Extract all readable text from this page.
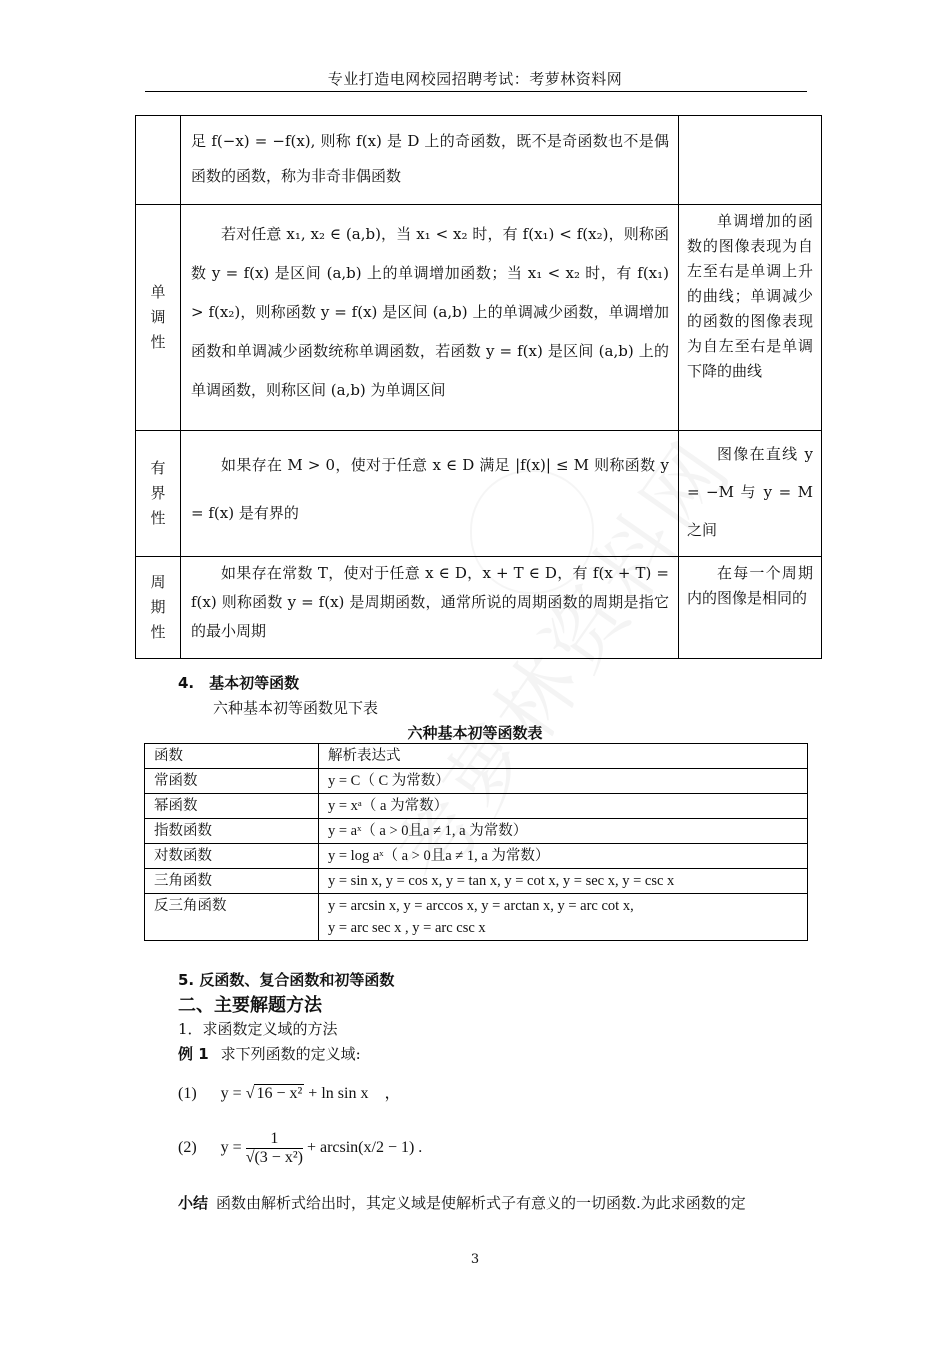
专业打造电网校园招聘考试：考萝林资料网

	足 f(−x) = −f(x), 则称 f(x) 是 D 上的奇函数，既不是奇函数也不是偶函数的函数，称为非奇非偶函数	

单调性	若对任意 x₁, x₂ ∈ (a,b)，当 x₁ < x₂ 时，有 f(x₁) < f(x₂)，则称函数 y = f(x) 是区间 (a,b) 上的单调增加函数；当 x₁ < x₂ 时，有 f(x₁) > f(x₂)，则称函数 y = f(x) 是区间 (a,b) 上的单调减少函数，单调增加函数和单调减少函数统称单调函数，若函数 y = f(x) 是区间 (a,b) 上的单调函数，则称区间 (a,b) 为单调区间	单调增加的函数的图像表现为自左至右是单调上升的曲线；单调减少的函数的图像表现为自左至右是单调下降的曲线

有界性	如果存在 M > 0，使对于任意 x ∈ D 满足 |f(x)| ≤ M 则称函数 y = f(x) 是有界的	图像在直线 y = −M 与 y = M 之间

周期性	如果存在常数 T，使对于任意 x ∈ D，x + T ∈ D，有 f(x + T) = f(x) 则称函数 y = f(x) 是周期函数，通常所说的周期函数的周期是指它的最小周期	在每一个周期内的图像是相同的
4.　基本初等函数
六种基本初等函数见下表
六种基本初等函数表
函数	解析表达式
常函数	y = C（ C 为常数）
幂函数	y = xᵃ（ a 为常数）
指数函数	y = aˣ（ a > 0且a ≠ 1, a 为常数）
对数函数	y = log aˣ（ a > 0且a ≠ 1, a 为常数）
三角函数	y = sin x, y = cos x, y = tan x, y = cot x, y = sec x, y = csc x
反三角函数	y = arcsin x, y = arccos x, y = arctan x, y = arc cot x,
y = arc sec x , y = arc csc x
5. 反函数、复合函数和初等函数
二、主要解题方法
1．求函数定义域的方法
例 1 求下列函数的定义域:
(1) y = √ 16 − x² + ln sin x　，
(2) $y = \frac{1}{\text{√(3 − x²)}} + \arcsin(x/2 - 1)$ .
小结 函数由解析式给出时，其定义域是使解析式子有意义的一切函数.为此求函数的定
3
